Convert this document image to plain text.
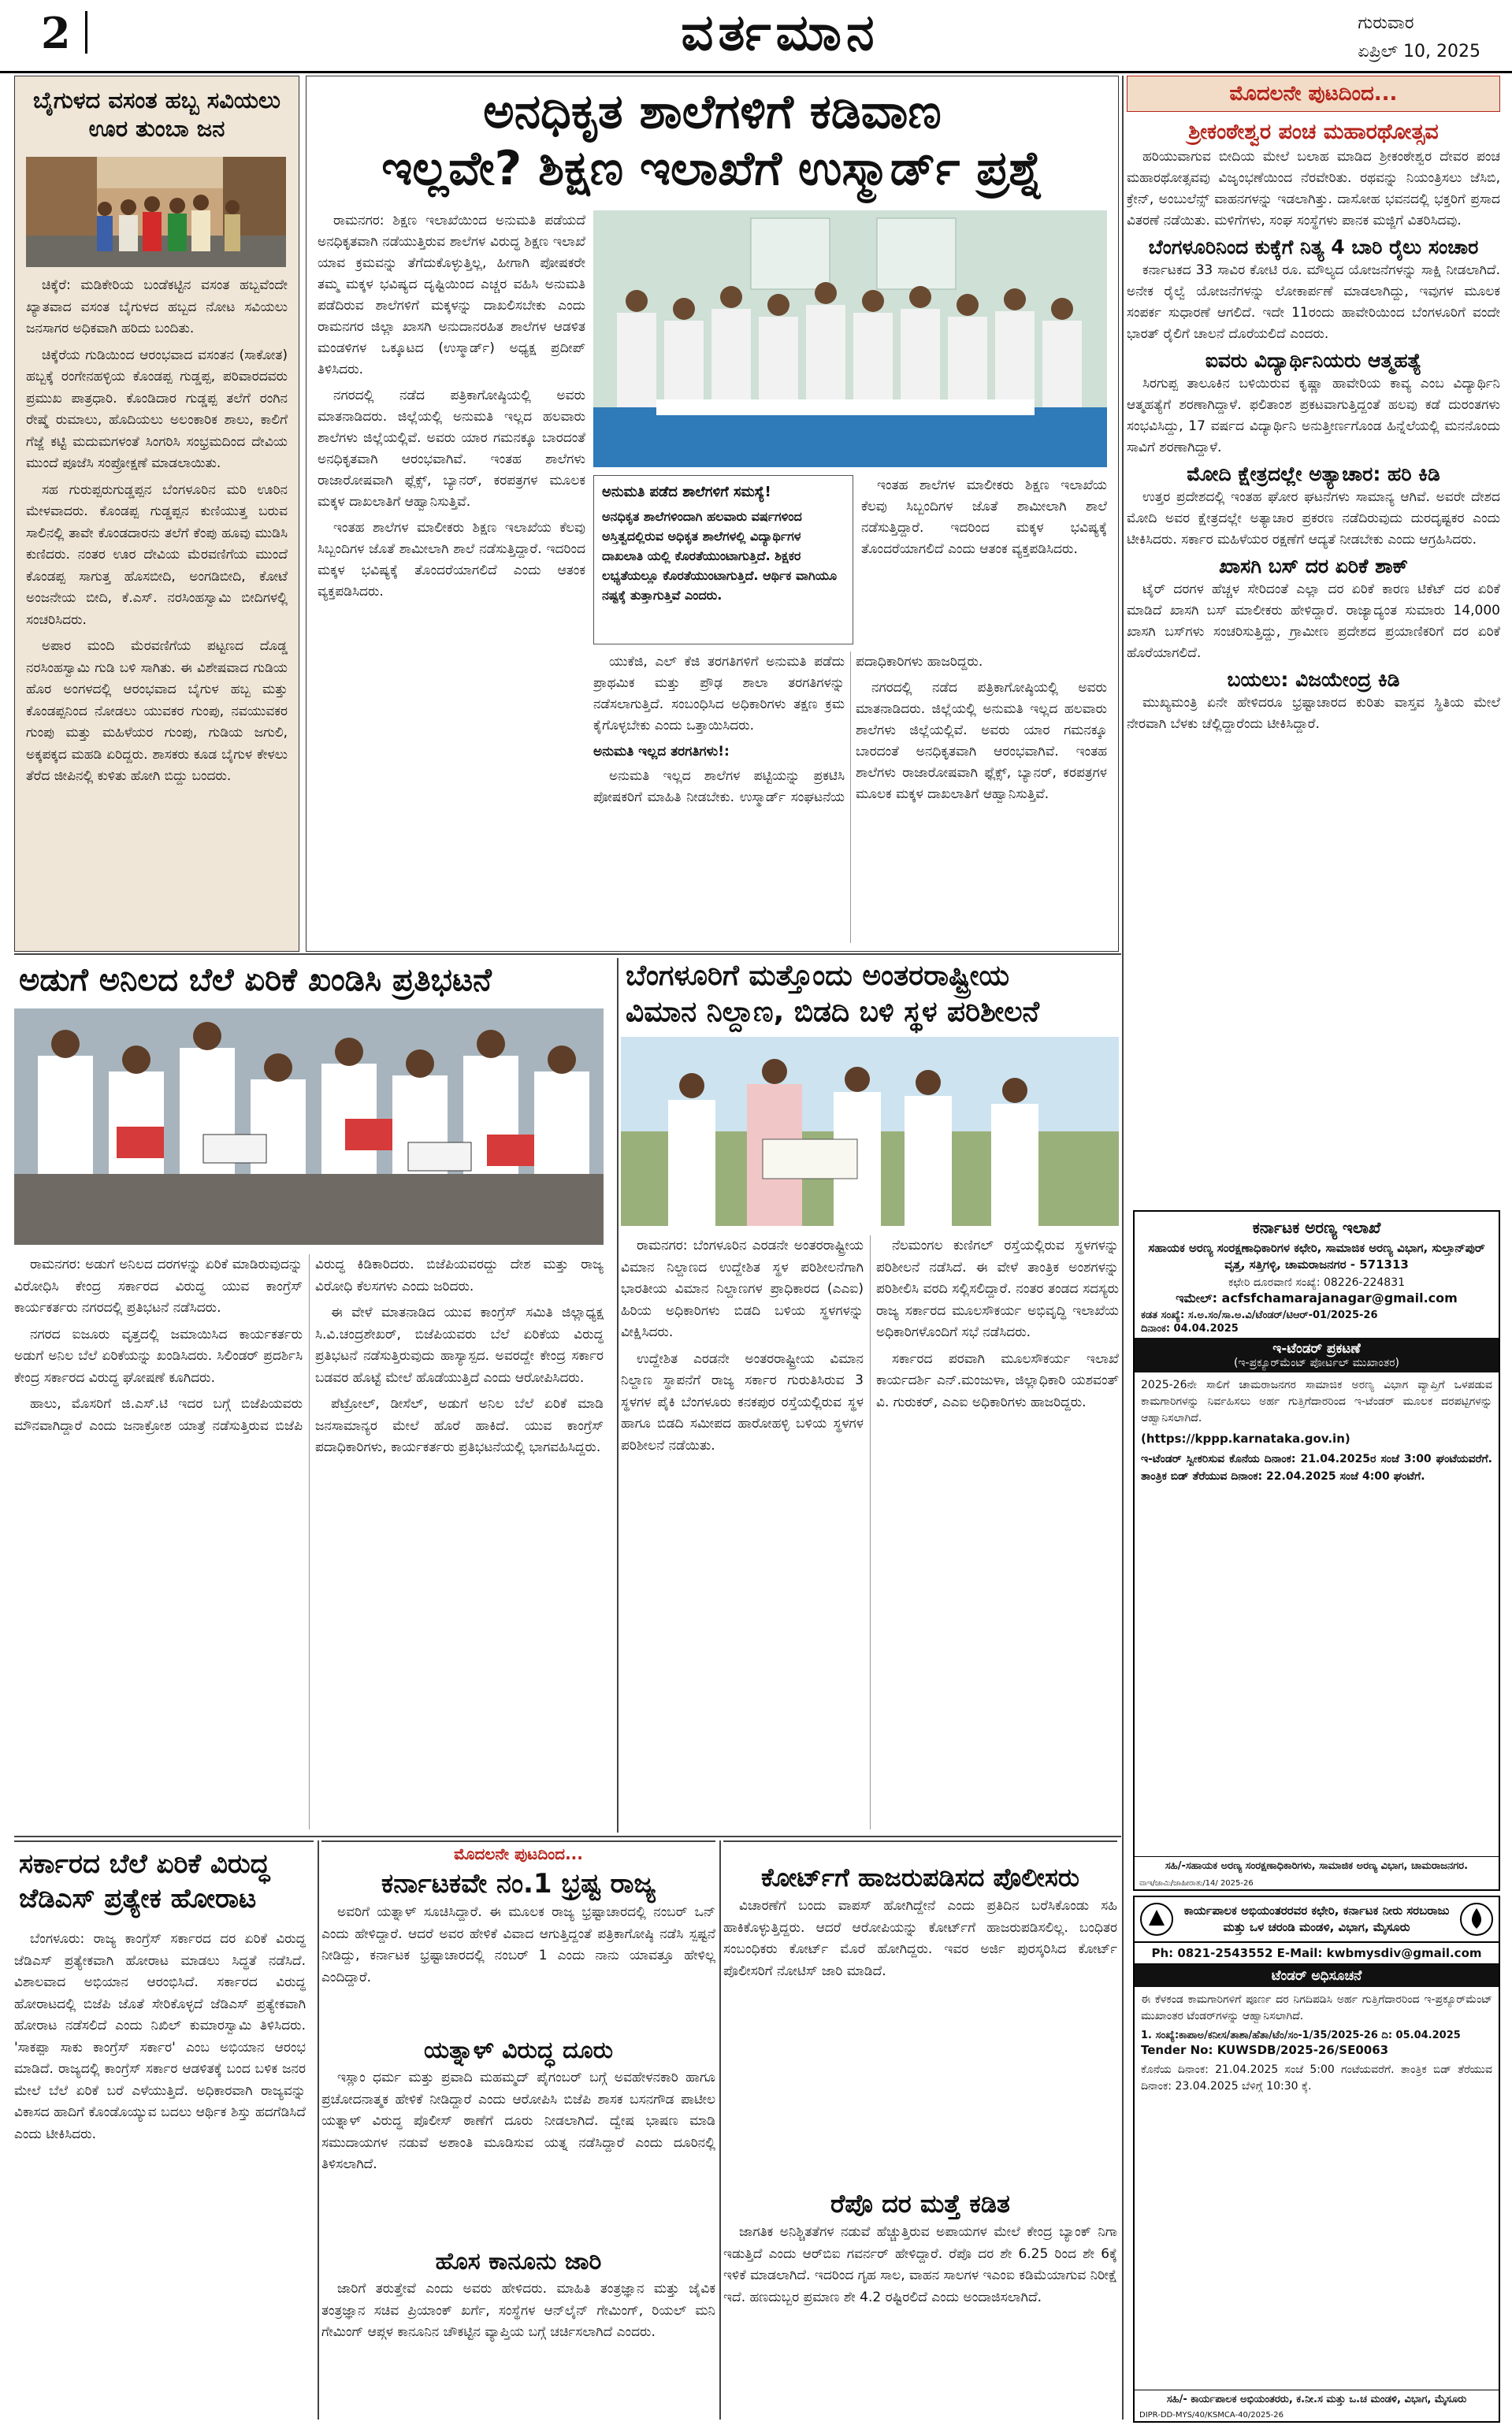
2	ವರ್ತಮಾನ	ಗುರುವಾರ
ಏಪ್ರಿಲ್ 10, 2025
ಬೈಗುಳದ ವಸಂತ ಹಬ್ಬ ಸವಿಯಲು ಊರ ತುಂಬಾ ಜನ

ಚಿಕ್ಕೆರೆ: ಮಡಿಕೇರಿಯ ಬಂಡೆಕಟ್ಟಿನ ವಸಂತ ಹಬ್ಬವೆಂದೇ ಖ್ಯಾತವಾದ ವಸಂತ ಬೈಗುಳದ ಹಬ್ಬದ ನೋಟ ಸವಿಯಲು ಜನಸಾಗರ ಅಧಿಕವಾಗಿ ಹರಿದು ಬಂದಿತು.

ಚಿಕ್ಕೆರೆಯ ಗುಡಿಯಿಂದ ಆರಂಭವಾದ ವಸಂತನ (ಸಾಕೋತ) ಹಬ್ಬಕ್ಕೆ ರಂಗೇನಹಳ್ಳಿಯ ಕೊಂಡಪ್ಪ ಗುಡ್ಡಪ್ಪ, ಪರಿವಾರದವರು ಪ್ರಮುಖ ಪಾತ್ರಧಾರಿ. ಕೊಂಡಿದಾರ ಗುಡ್ಡಪ್ಪ ತಲೆಗೆ ರಂಗಿನ ರೇಷ್ಮೆ ರುಮಾಲು, ಹೊದಿಯಲು ಅಲಂಕಾರಿಕ ಶಾಲು, ಕಾಲಿಗೆ ಗೆಜ್ಜೆ ಕಟ್ಟಿ ಮದುಮಗಳಂತೆ ಸಿಂಗರಿಸಿ ಸಂಭ್ರಮದಿಂದ ದೇವಿಯ ಮುಂದೆ ಪೂಜೆಸಿ ಸಂಪ್ರೋಕ್ಷಣೆ ಮಾಡಲಾಯಿತು.

ಸಹ ಗುರುಪ್ಪರುಗುಡ್ಡಪ್ಪನ ಬೆಂಗಳೂರಿನ ಮರಿ ಊರಿನ ಮೇಳವಾದರು. ಕೊಂಡಪ್ಪ ಗುಡ್ಡಪ್ಪನ ಕುಣಿಯುತ್ತ ಬರುವ ಸಾಲಿನಲ್ಲಿ ತಾವೇ ಕೊಂಡದಾರನು ತಲೆಗೆ ಕೆಂಪು ಹೂವು ಮುಡಿಸಿ ಕುಣಿದರು. ನಂತರ ಊರ ದೇವಿಯ ಮೆರವಣಿಗೆಯ ಮುಂದೆ ಕೊಂಡಪ್ಪ ಸಾಗುತ್ತ ಹೊಸಬೀದಿ, ಅಂಗಡಿಬೀದಿ, ಕೋಟೆ ಅಂಜನೇಯ ಬೀದಿ, ಕೆ.ಎಸ್. ನರಸಿಂಹಸ್ವಾಮಿ ಬೀದಿಗಳಲ್ಲಿ ಸಂಚರಿಸಿದರು.

ಅಪಾರ ಮಂದಿ ಮೆರವಣಿಗೆಯ ಪಟ್ಟಣದ ದೊಡ್ಡ ನರಸಿಂಹಸ್ವಾಮಿ ಗುಡಿ ಬಳಿ ಸಾಗಿತು. ಈ ವಿಶೇಷವಾದ ಗುಡಿಯ ಹೊರ ಅಂಗಳದಲ್ಲಿ ಆರಂಭವಾದ ಬೈಗುಳ ಹಬ್ಬ ಮತ್ತು ಕೊಂಡಪ್ಪನಿಂದ ನೋಡಲು ಯುವಕರ ಗುಂಪು, ನವಯುವಕರ ಗುಂಪು ಮತ್ತು ಮಹಿಳೆಯರ ಗುಂಪು, ಗುಡಿಯ ಜಗುಲಿ, ಅಕ್ಕಪಕ್ಕದ ಮಹಡಿ ಏರಿದ್ದರು. ಶಾಸಕರು ಕೂಡ ಬೈಗುಳ ಕೇಳಲು ತೆರೆದ ಜೀಪಿನಲ್ಲಿ ಕುಳಿತು ಹೋಗಿ ಬಿದ್ದು ಬಂದರು.

ಅನಧಿಕೃತ ಶಾಲೆಗಳಿಗೆ ಕಡಿವಾಣ
ಇಲ್ಲವೇ? ಶಿಕ್ಷಣ ಇಲಾಖೆಗೆ ಉಸ್ಮಾರ್ಡ್ ಪ್ರಶ್ನೆ

ರಾಮನಗರ: ಶಿಕ್ಷಣ ಇಲಾಖೆಯಿಂದ ಅನುಮತಿ ಪಡೆಯದೆ ಅನಧಿಕೃತವಾಗಿ ನಡೆಯುತ್ತಿರುವ ಶಾಲೆಗಳ ವಿರುದ್ಧ ಶಿಕ್ಷಣ ಇಲಾಖೆ ಯಾವ ಕ್ರಮವನ್ನು ತೆಗೆದುಕೊಳ್ಳುತ್ತಿಲ್ಲ, ಹೀಗಾಗಿ ಪೋಷಕರೇ ತಮ್ಮ ಮಕ್ಕಳ ಭವಿಷ್ಯದ ದೃಷ್ಟಿಯಿಂದ ಎಚ್ಚರ ವಹಿಸಿ ಅನುಮತಿ ಪಡೆದಿರುವ ಶಾಲೆಗಳಿಗೆ ಮಕ್ಕಳನ್ನು ದಾಖಲಿಸಬೇಕು ಎಂದು ರಾಮನಗರ ಜಿಲ್ಲಾ ಖಾಸಗಿ ಅನುದಾನರಹಿತ ಶಾಲೆಗಳ ಆಡಳಿತ ಮಂಡಳಿಗಳ ಒಕ್ಕೂಟದ (ಉಸ್ಮಾರ್ಡ್) ಅಧ್ಯಕ್ಷ ಪ್ರದೀಪ್ ತಿಳಿಸಿದರು.

ನಗರದಲ್ಲಿ ನಡೆದ ಪತ್ರಿಕಾಗೋಷ್ಠಿಯಲ್ಲಿ ಅವರು ಮಾತನಾಡಿದರು. ಜಿಲ್ಲೆಯಲ್ಲಿ ಅನುಮತಿ ಇಲ್ಲದ ಹಲವಾರು ಶಾಲೆಗಳು ಜಿಲ್ಲೆಯಲ್ಲಿವೆ. ಅವರು ಯಾರ ಗಮನಕ್ಕೂ ಬಾರದಂತೆ ಅನಧಿಕೃತವಾಗಿ ಆರಂಭವಾಗಿವೆ. ಇಂತಹ ಶಾಲೆಗಳು ರಾಜಾರೋಷವಾಗಿ ಫ್ಲೆಕ್ಸ್, ಬ್ಯಾನರ್, ಕರಪತ್ರಗಳ ಮೂಲಕ ಮಕ್ಕಳ ದಾಖಲಾತಿಗೆ ಆಹ್ವಾನಿಸುತ್ತಿವೆ.

ಇಂತಹ ಶಾಲೆಗಳ ಮಾಲೀಕರು ಶಿಕ್ಷಣ ಇಲಾಖೆಯ ಕೆಲವು ಸಿಬ್ಬಂದಿಗಳ ಜೊತೆ ಶಾಮೀಲಾಗಿ ಶಾಲೆ ನಡೆಸುತ್ತಿದ್ದಾರೆ. ಇದರಿಂದ ಮಕ್ಕಳ ಭವಿಷ್ಯಕ್ಕೆ ತೊಂದರೆಯಾಗಲಿದೆ ಎಂದು ಆತಂಕ ವ್ಯಕ್ತಪಡಿಸಿದರು.

ಅನುಮತಿ ಪಡೆದ ಶಾಲೆಗಳಿಗೆ ಸಮಸ್ಯೆ!
ಅನಧಿಕೃತ ಶಾಲೆಗಳಿಂದಾಗಿ ಹಲವಾರು ವರ್ಷಗಳಿಂದ ಅಸ್ತಿತ್ವದಲ್ಲಿರುವ ಅಧಿಕೃತ ಶಾಲೆಗಳಲ್ಲಿ ವಿದ್ಯಾರ್ಥಿಗಳ ದಾಖಲಾತಿ ಯಲ್ಲಿ ಕೊರತೆಯುಂಟಾಗುತ್ತಿದೆ. ಶಿಕ್ಷಕರ ಲಭ್ಯತೆಯಲ್ಲೂ ಕೊರತೆಯುಂಟಾಗುತ್ತಿದೆ. ಆರ್ಥಿಕ ವಾಗಿಯೂ ನಷ್ಟಕ್ಕೆ ತುತ್ತಾಗುತ್ತಿವೆ ಎಂದರು.

ಇಂತಹ ಶಾಲೆಗಳ ಮಾಲೀಕರು ಶಿಕ್ಷಣ ಇಲಾಖೆಯ ಕೆಲವು ಸಿಬ್ಬಂದಿಗಳ ಜೊತೆ ಶಾಮೀಲಾಗಿ ಶಾಲೆ ನಡೆಸುತ್ತಿದ್ದಾರೆ. ಇದರಿಂದ ಮಕ್ಕಳ ಭವಿಷ್ಯಕ್ಕೆ ತೊಂದರೆಯಾಗಲಿದೆ ಎಂದು ಆತಂಕ ವ್ಯಕ್ತಪಡಿಸಿದರು.

ಯುಕೆಜಿ, ಎಲ್ ಕೆಜಿ ತರಗತಿಗಳಿಗೆ ಅನುಮತಿ ಪಡೆದು ಪ್ರಾಥಮಿಕ ಮತ್ತು ಪ್ರೌಢ ಶಾಲಾ ತರಗತಿಗಳನ್ನು ನಡೆಸಲಾಗುತ್ತಿದೆ. ಸಂಬಂಧಿಸಿದ ಅಧಿಕಾರಿಗಳು ತಕ್ಷಣ ಕ್ರಮ ಕೈಗೊಳ್ಳಬೇಕು ಎಂದು ಒತ್ತಾಯಿಸಿದರು.

ಅನುಮತಿ ಇಲ್ಲದ ತರಗತಿಗಳು!:

ಅನುಮತಿ ಇಲ್ಲದ ಶಾಲೆಗಳ ಪಟ್ಟಿಯನ್ನು ಪ್ರಕಟಿಸಿ ಪೋಷಕರಿಗೆ ಮಾಹಿತಿ ನೀಡಬೇಕು. ಉಸ್ಮಾರ್ಡ್ ಸಂಘಟನೆಯ ಪದಾಧಿಕಾರಿಗಳು ಹಾಜರಿದ್ದರು.

ನಗರದಲ್ಲಿ ನಡೆದ ಪತ್ರಿಕಾಗೋಷ್ಠಿಯಲ್ಲಿ ಅವರು ಮಾತನಾಡಿದರು. ಜಿಲ್ಲೆಯಲ್ಲಿ ಅನುಮತಿ ಇಲ್ಲದ ಹಲವಾರು ಶಾಲೆಗಳು ಜಿಲ್ಲೆಯಲ್ಲಿವೆ. ಅವರು ಯಾರ ಗಮನಕ್ಕೂ ಬಾರದಂತೆ ಅನಧಿಕೃತವಾಗಿ ಆರಂಭವಾಗಿವೆ. ಇಂತಹ ಶಾಲೆಗಳು ರಾಜಾರೋಷವಾಗಿ ಫ್ಲೆಕ್ಸ್, ಬ್ಯಾನರ್, ಕರಪತ್ರಗಳ ಮೂಲಕ ಮಕ್ಕಳ ದಾಖಲಾತಿಗೆ ಆಹ್ವಾನಿಸುತ್ತಿವೆ.

ಮೊದಲನೇ ಪುಟದಿಂದ...
ಶ್ರೀಕಂಠೇಶ್ವರ ಪಂಚ ಮಹಾರಥೋತ್ಸವ

ಹರಿಯುವಾಗುವ ಬೀದಿಯ ಮೇಲೆ ಬಲಾಹ ಮಾಡಿದ ಶ್ರೀಕಂಠೇಶ್ವರ ದೇವರ ಪಂಚ ಮಹಾರಥೋತ್ಸವವು ವಿಜೃಂಭಣೆಯಿಂದ ನೆರವೇರಿತು. ರಥವನ್ನು ನಿಯಂತ್ರಿಸಲು ಜೆಸಿಬಿ, ಕ್ರೇನ್, ಅಂಬುಲೆನ್ಸ್ ವಾಹನಗಳನ್ನು ಇಡಲಾಗಿತ್ತು. ದಾಸೋಹ ಭವನದಲ್ಲಿ ಭಕ್ತರಿಗೆ ಪ್ರಸಾದ ವಿತರಣೆ ನಡೆಯಿತು. ಮಳಿಗೆಗಳು, ಸಂಘ ಸಂಸ್ಥೆಗಳು ಪಾನಕ ಮಜ್ಜಿಗೆ ವಿತರಿಸಿದವು.

ಬೆಂಗಳೂರಿನಿಂದ ಕುಕ್ಕೆಗೆ ನಿತ್ಯ 4 ಬಾರಿ ರೈಲು ಸಂಚಾರ

ಕರ್ನಾಟಕದ 33 ಸಾವಿರ ಕೋಟಿ ರೂ. ಮೌಲ್ಯದ ಯೋಜನೆಗಳನ್ನು ಸಾಕ್ಷಿ ನೀಡಲಾಗಿದೆ. ಅನೇಕ ರೈಲ್ವೆ ಯೋಜನೆಗಳನ್ನು ಲೋಕಾರ್ಪಣೆ ಮಾಡಲಾಗಿದ್ದು, ಇವುಗಳ ಮೂಲಕ ಸಂಪರ್ಕ ಸುಧಾರಣೆ ಆಗಲಿದೆ. ಇದೇ 11ರಂದು ಹಾವೇರಿಯಿಂದ ಬೆಂಗಳೂರಿಗೆ ವಂದೇ ಭಾರತ್ ರೈಲಿಗೆ ಚಾಲನೆ ದೊರೆಯಲಿದೆ ಎಂದರು.

ಐವರು ವಿದ್ಯಾರ್ಥಿನಿಯರು ಆತ್ಮಹತ್ಯೆ

ಸಿರಗುಪ್ಪ ತಾಲೂಕಿನ ಬಳಿಯಿರುವ ಕೃಷ್ಣಾ ಹಾವೇರಿಯ ಕಾವ್ಯ ಎಂಬ ವಿದ್ಯಾರ್ಥಿನಿ ಆತ್ಮಹತ್ಯೆಗೆ ಶರಣಾಗಿದ್ದಾಳೆ. ಫಲಿತಾಂಶ ಪ್ರಕಟವಾಗುತ್ತಿದ್ದಂತೆ ಹಲವು ಕಡೆ ದುರಂತಗಳು ಸಂಭವಿಸಿದ್ದು, 17 ವರ್ಷದ ವಿದ್ಯಾರ್ಥಿನಿ ಅನುತ್ತೀರ್ಣಗೊಂಡ ಹಿನ್ನೆಲೆಯಲ್ಲಿ ಮನನೊಂದು ಸಾವಿಗೆ ಶರಣಾಗಿದ್ದಾಳೆ.

ಮೋದಿ ಕ್ಷೇತ್ರದಲ್ಲೇ ಅತ್ಯಾಚಾರ: ಹರಿ ಕಿಡಿ

ಉತ್ತರ ಪ್ರದೇಶದಲ್ಲಿ ಇಂತಹ ಘೋರ ಘಟನೆಗಳು ಸಾಮಾನ್ಯ ಆಗಿವೆ. ಅವರೇ ದೇಶದ ಮೋದಿ ಅವರ ಕ್ಷೇತ್ರದಲ್ಲೇ ಅತ್ಯಾಚಾರ ಪ್ರಕರಣ ನಡೆದಿರುವುದು ದುರದೃಷ್ಟಕರ ಎಂದು ಟೀಕಿಸಿದರು. ಸರ್ಕಾರ ಮಹಿಳೆಯರ ರಕ್ಷಣೆಗೆ ಆದ್ಯತೆ ನೀಡಬೇಕು ಎಂದು ಆಗ್ರಹಿಸಿದರು.

ಖಾಸಗಿ ಬಸ್ ದರ ಏರಿಕೆ ಶಾಕ್

ಟೈರ್ ದರಗಳ ಹೆಚ್ಚಳ ಸೇರಿದಂತೆ ಎಲ್ಲಾ ದರ ಏರಿಕೆ ಕಾರಣ ಟಿಕೆಟ್ ದರ ಏರಿಕೆ ಮಾಡಿದೆ ಖಾಸಗಿ ಬಸ್ ಮಾಲೀಕರು ಹೇಳಿದ್ದಾರೆ. ರಾಜ್ಯಾದ್ಯಂತ ಸುಮಾರು 14,000 ಖಾಸಗಿ ಬಸ್‌ಗಳು ಸಂಚರಿಸುತ್ತಿದ್ದು, ಗ್ರಾಮೀಣ ಪ್ರದೇಶದ ಪ್ರಯಾಣಿಕರಿಗೆ ದರ ಏರಿಕೆ ಹೊರೆಯಾಗಲಿದೆ.

ಬಯಲು: ವಿಜಯೇಂದ್ರ ಕಿಡಿ

ಮುಖ್ಯಮಂತ್ರಿ ಏನೇ ಹೇಳಿದರೂ ಭ್ರಷ್ಟಾಚಾರದ ಕುರಿತು ವಾಸ್ತವ ಸ್ಥಿತಿಯ ಮೇಲೆ ನೇರವಾಗಿ ಬೆಳಕು ಚೆಲ್ಲಿದ್ದಾರೆಂದು ಟೀಕಿಸಿದ್ದಾರೆ.

ಅಡುಗೆ ಅನಿಲದ ಬೆಲೆ ಏರಿಕೆ ಖಂಡಿಸಿ ಪ್ರತಿಭಟನೆ

ರಾಮನಗರ: ಅಡುಗೆ ಅನಿಲದ ದರಗಳನ್ನು ಏರಿಕೆ ಮಾಡಿರುವುದನ್ನು ವಿರೋಧಿಸಿ ಕೇಂದ್ರ ಸರ್ಕಾರದ ವಿರುದ್ಧ ಯುವ ಕಾಂಗ್ರೆಸ್ ಕಾರ್ಯಕರ್ತರು ನಗರದಲ್ಲಿ ಪ್ರತಿಭಟನೆ ನಡೆಸಿದರು.

ನಗರದ ಐಜೂರು ವೃತ್ತದಲ್ಲಿ ಜಮಾಯಿಸಿದ ಕಾರ್ಯಕರ್ತರು ಅಡುಗೆ ಅನಿಲ ಬೆಲೆ ಏರಿಕೆಯನ್ನು ಖಂಡಿಸಿದರು. ಸಿಲಿಂಡರ್ ಪ್ರದರ್ಶಿಸಿ ಕೇಂದ್ರ ಸರ್ಕಾರದ ವಿರುದ್ಧ ಘೋಷಣೆ ಕೂಗಿದರು.

ಹಾಲು, ಮೊಸರಿಗೆ ಜಿ.ಎಸ್.ಟಿ ಇದರ ಬಗ್ಗೆ ಬಿಜೆಪಿಯವರು ಮೌನವಾಗಿದ್ದಾರೆ ಎಂದು ಜನಾಕ್ರೋಶ ಯಾತ್ರೆ ನಡೆಸುತ್ತಿರುವ ಬಿಜೆಪಿ ವಿರುದ್ಧ ಕಿಡಿಕಾರಿದರು. ಬಿಜೆಪಿಯವರದ್ದು ದೇಶ ಮತ್ತು ರಾಜ್ಯ ವಿರೋಧಿ ಕೆಲಸಗಳು ಎಂದು ಜರಿದರು.

ಈ ವೇಳೆ ಮಾತನಾಡಿದ ಯುವ ಕಾಂಗ್ರೆಸ್ ಸಮಿತಿ ಜಿಲ್ಲಾಧ್ಯಕ್ಷ ಸಿ.ವಿ.ಚಂದ್ರಶೇಖರ್, ಬಿಜೆಪಿಯವರು ಬೆಲೆ ಏರಿಕೆಯ ವಿರುದ್ಧ ಪ್ರತಿಭಟನೆ ನಡೆಸುತ್ತಿರುವುದು ಹಾಸ್ಯಾಸ್ಪದ. ಅವರದ್ದೇ ಕೇಂದ್ರ ಸರ್ಕಾರ ಬಡವರ ಹೊಟ್ಟೆ ಮೇಲೆ ಹೊಡೆಯುತ್ತಿದೆ ಎಂದು ಆರೋಪಿಸಿದರು.

ಪೆಟ್ರೋಲ್, ಡೀಸೆಲ್, ಅಡುಗೆ ಅನಿಲ ಬೆಲೆ ಏರಿಕೆ ಮಾಡಿ ಜನಸಾಮಾನ್ಯರ ಮೇಲೆ ಹೊರೆ ಹಾಕಿದೆ. ಯುವ ಕಾಂಗ್ರೆಸ್ ಪದಾಧಿಕಾರಿಗಳು, ಕಾರ್ಯಕರ್ತರು ಪ್ರತಿಭಟನೆಯಲ್ಲಿ ಭಾಗವಹಿಸಿದ್ದರು.

ಬೆಂಗಳೂರಿಗೆ ಮತ್ತೊಂದು ಅಂತರರಾಷ್ಟ್ರೀಯ
ವಿಮಾನ ನಿಲ್ದಾಣ, ಬಿಡದಿ ಬಳಿ ಸ್ಥಳ ಪರಿಶೀಲನೆ

ರಾಮನಗರ: ಬೆಂಗಳೂರಿನ ಎರಡನೇ ಅಂತರರಾಷ್ಟ್ರೀಯ ವಿಮಾನ ನಿಲ್ದಾಣದ ಉದ್ದೇಶಿತ ಸ್ಥಳ ಪರಿಶೀಲನೆಗಾಗಿ ಭಾರತೀಯ ವಿಮಾನ ನಿಲ್ದಾಣಗಳ ಪ್ರಾಧಿಕಾರದ (ಎಎಐ) ಹಿರಿಯ ಅಧಿಕಾರಿಗಳು ಬಿಡದಿ ಬಳಿಯ ಸ್ಥಳಗಳನ್ನು ವೀಕ್ಷಿಸಿದರು.

ಉದ್ದೇಶಿತ ಎರಡನೇ ಅಂತರರಾಷ್ಟ್ರೀಯ ವಿಮಾನ ನಿಲ್ದಾಣ ಸ್ಥಾಪನೆಗೆ ರಾಜ್ಯ ಸರ್ಕಾರ ಗುರುತಿಸಿರುವ 3 ಸ್ಥಳಗಳ ಪೈಕಿ ಬೆಂಗಳೂರು ಕನಕಪುರ ರಸ್ತೆಯಲ್ಲಿರುವ ಸ್ಥಳ ಹಾಗೂ ಬಿಡದಿ ಸಮೀಪದ ಹಾರೋಹಳ್ಳಿ ಬಳಿಯ ಸ್ಥಳಗಳ ಪರಿಶೀಲನೆ ನಡೆಯಿತು.

ನೆಲಮಂಗಲ ಕುಣಿಗಲ್ ರಸ್ತೆಯಲ್ಲಿರುವ ಸ್ಥಳಗಳನ್ನು ಪರಿಶೀಲನೆ ನಡೆಸಿದೆ. ಈ ವೇಳೆ ತಾಂತ್ರಿಕ ಅಂಶಗಳನ್ನು ಪರಿಶೀಲಿಸಿ ವರದಿ ಸಲ್ಲಿಸಲಿದ್ದಾರೆ. ನಂತರ ತಂಡದ ಸದಸ್ಯರು ರಾಜ್ಯ ಸರ್ಕಾರದ ಮೂಲಸೌಕರ್ಯ ಅಭಿವೃದ್ಧಿ ಇಲಾಖೆಯ ಅಧಿಕಾರಿಗಳೊಂದಿಗೆ ಸಭೆ ನಡೆಸಿದರು.

ಸರ್ಕಾರದ ಪರವಾಗಿ ಮೂಲಸೌಕರ್ಯ ಇಲಾಖೆ ಕಾರ್ಯದರ್ಶಿ ಎನ್.ಮಂಜುಳಾ, ಜಿಲ್ಲಾಧಿಕಾರಿ ಯಶವಂತ್ ವಿ. ಗುರುಕರ್, ಎಎಐ ಅಧಿಕಾರಿಗಳು ಹಾಜರಿದ್ದರು.

ಸರ್ಕಾರದ ಬೆಲೆ ಏರಿಕೆ ವಿರುದ್ಧ ಜೆಡಿಎಸ್ ಪ್ರತ್ಯೇಕ ಹೋರಾಟ
ಬೆಂಗಳೂರು: ರಾಜ್ಯ ಕಾಂಗ್ರೆಸ್ ಸರ್ಕಾರದ ದರ ಏರಿಕೆ ವಿರುದ್ಧ ಜೆಡಿಎಸ್ ಪ್ರತ್ಯೇಕವಾಗಿ ಹೋರಾಟ ಮಾಡಲು ಸಿದ್ಧತೆ ನಡೆಸಿದೆ. ವಿಶಾಲವಾದ ಅಭಿಯಾನ ಆರಂಭಿಸಿದೆ. ಸರ್ಕಾರದ ವಿರುದ್ಧ ಹೋರಾಟದಲ್ಲಿ ಬಿಜೆಪಿ ಜೊತೆ ಸೇರಿಕೊಳ್ಳದೆ ಜೆಡಿಎಸ್ ಪ್ರತ್ಯೇಕವಾಗಿ ಹೋರಾಟ ನಡೆಸಲಿದೆ ಎಂದು ನಿಖಿಲ್ ಕುಮಾರಸ್ವಾಮಿ ತಿಳಿಸಿದರು. 'ಸಾಕಪ್ಪಾ ಸಾಕು ಕಾಂಗ್ರೆಸ್ ಸರ್ಕಾರ' ಎಂಬ ಅಭಿಯಾನ ಆರಂಭ ಮಾಡಿದೆ. ರಾಜ್ಯದಲ್ಲಿ ಕಾಂಗ್ರೆಸ್ ಸರ್ಕಾರ ಆಡಳಿತಕ್ಕೆ ಬಂದ ಬಳಿಕ ಜನರ ಮೇಲೆ ಬೆಲೆ ಏರಿಕೆ ಬರೆ ಎಳೆಯುತ್ತಿದೆ. ಅಧಿಕಾರವಾಗಿ ರಾಜ್ಯವನ್ನು ವಿಕಾಸದ ಹಾದಿಗೆ ಕೊಂಡೊಯ್ಯುವ ಬದಲು ಆರ್ಥಿಕ ಶಿಸ್ತು ಹದಗೆಡಿಸಿದೆ ಎಂದು ಟೀಕಿಸಿದರು.
ಮೊದಲನೇ ಪುಟದಿಂದ...
ಕರ್ನಾಟಕವೇ ನಂ.1 ಭ್ರಷ್ಟ ರಾಜ್ಯ
ಅವರಿಗೆ ಯತ್ನಾಳ್ ಸೂಚಿಸಿದ್ದಾರೆ. ಈ ಮೂಲಕ ರಾಜ್ಯ ಭ್ರಷ್ಟಾಚಾರದಲ್ಲಿ ನಂಬರ್ ಒನ್ ಎಂದು ಹೇಳಿದ್ದಾರೆ. ಆದರೆ ಅವರ ಹೇಳಿಕೆ ವಿವಾದ ಆಗುತ್ತಿದ್ದಂತೆ ಪತ್ರಿಕಾಗೋಷ್ಠಿ ನಡೆಸಿ ಸ್ಪಷ್ಟನೆ ನೀಡಿದ್ದು, ಕರ್ನಾಟಕ ಭ್ರಷ್ಟಾಚಾರದಲ್ಲಿ ನಂಬರ್ 1 ಎಂದು ನಾನು ಯಾವತ್ತೂ ಹೇಳಿಲ್ಲ ಎಂದಿದ್ದಾರೆ.
ಯತ್ನಾಳ್ ವಿರುದ್ಧ ದೂರು
ಇಸ್ಲಾಂ ಧರ್ಮ ಮತ್ತು ಪ್ರವಾದಿ ಮಹಮ್ಮದ್ ಪೈಗಂಬರ್ ಬಗ್ಗೆ ಅವಹೇಳನಕಾರಿ ಹಾಗೂ ಪ್ರಚೋದನಾತ್ಮಕ ಹೇಳಿಕೆ ನೀಡಿದ್ದಾರೆ ಎಂದು ಆರೋಪಿಸಿ ಬಿಜೆಪಿ ಶಾಸಕ ಬಸನಗೌಡ ಪಾಟೀಲ ಯತ್ನಾಳ್ ವಿರುದ್ಧ ಪೊಲೀಸ್ ಠಾಣೆಗೆ ದೂರು ನೀಡಲಾಗಿದೆ. ದ್ವೇಷ ಭಾಷಣ ಮಾಡಿ ಸಮುದಾಯಗಳ ನಡುವೆ ಅಶಾಂತಿ ಮೂಡಿಸುವ ಯತ್ನ ನಡೆಸಿದ್ದಾರೆ ಎಂದು ದೂರಿನಲ್ಲಿ ತಿಳಿಸಲಾಗಿದೆ.
ಹೊಸ ಕಾನೂನು ಜಾರಿ
ಜಾರಿಗೆ ತರುತ್ತೇವೆ ಎಂದು ಅವರು ಹೇಳಿದರು. ಮಾಹಿತಿ ತಂತ್ರಜ್ಞಾನ ಮತ್ತು ಜೈವಿಕ ತಂತ್ರಜ್ಞಾನ ಸಚಿವ ಪ್ರಿಯಾಂಕ್ ಖರ್ಗೆ, ಸಂಸ್ಥೆಗಳ ಆನ್‌ಲೈನ್ ಗೇಮಿಂಗ್, ರಿಯಲ್ ಮನಿ ಗೇಮಿಂಗ್ ಆಪ್ಗಳ ಕಾನೂನಿನ ಚೌಕಟ್ಟಿನ ವ್ಯಾಪ್ತಿಯ ಬಗ್ಗೆ ಚರ್ಚಿಸಲಾಗಿದೆ ಎಂದರು.
ಕೋರ್ಟ್‌ಗೆ ಹಾಜರುಪಡಿಸದ ಪೊಲೀಸರು
ವಿಚಾರಣೆಗೆ ಬಂದು ವಾಪಸ್ ಹೋಗಿದ್ದೇನೆ ಎಂದು ಪ್ರತಿದಿನ ಬರೆಸಿಕೊಂಡು ಸಹಿ ಹಾಕಿಕೊಳ್ಳುತ್ತಿದ್ದರು. ಆದರೆ ಆರೋಪಿಯನ್ನು ಕೋರ್ಟ್‌ಗೆ ಹಾಜರುಪಡಿಸಲಿಲ್ಲ. ಬಂಧಿತರ ಸಂಬಂಧಿಕರು ಕೋರ್ಟ್ ಮೊರೆ ಹೋಗಿದ್ದರು. ಇವರ ಅರ್ಜಿ ಪುರಸ್ಕರಿಸಿದ ಕೋರ್ಟ್ ಪೊಲೀಸರಿಗೆ ನೋಟಿಸ್ ಜಾರಿ ಮಾಡಿದೆ.
ರೆಪೊ ದರ ಮತ್ತೆ ಕಡಿತ
ಜಾಗತಿಕ ಅನಿಶ್ಚಿತತೆಗಳ ನಡುವೆ ಹೆಚ್ಚುತ್ತಿರುವ ಅಪಾಯಗಳ ಮೇಲೆ ಕೇಂದ್ರ ಬ್ಯಾಂಕ್ ನಿಗಾ ಇಡುತ್ತಿದೆ ಎಂದು ಆರ್‌ಬಿಐ ಗವರ್ನರ್ ಹೇಳಿದ್ದಾರೆ. ರೆಪೊ ದರ ಶೇ 6.25 ರಿಂದ ಶೇ 6ಕ್ಕೆ ಇಳಿಕೆ ಮಾಡಲಾಗಿದೆ. ಇದರಿಂದ ಗೃಹ ಸಾಲ, ವಾಹನ ಸಾಲಗಳ ಇಎಂಐ ಕಡಿಮೆಯಾಗುವ ನಿರೀಕ್ಷೆ ಇದೆ. ಹಣದುಬ್ಬರ ಪ್ರಮಾಣ ಶೇ 4.2 ರಷ್ಟಿರಲಿದೆ ಎಂದು ಅಂದಾಜಿಸಲಾಗಿದೆ.
ಕರ್ನಾಟಕ ಅರಣ್ಯ ಇಲಾಖೆ
ಸಹಾಯಕ ಅರಣ್ಯ ಸಂರಕ್ಷಣಾಧಿಕಾರಿಗಳ ಕಛೇರಿ, ಸಾಮಾಜಿಕ ಅರಣ್ಯ ವಿಭಾಗ, ಸುಲ್ತಾನ್‌ಪುರ್ ವೃತ್ತ, ಸತ್ತಿಗಳ್ಳಿ, ಚಾಮರಾಜನಗರ - 571313
ಕಛೇರಿ ದೂರವಾಣಿ ಸಂಖ್ಯೆ: 08226-224831
ಇಮೇಲ್: acfsfchamarajanagar@gmail.com
ಕಡತ ಸಂಖ್ಯೆ: ಸ.ಅ.ಸಂ/ಸಾ.ಅ.ವಿ/ಟೆಂಡರ್/ಟಿಆರ್-01/2025-26
ದಿನಾಂಕ: 04.04.2025
ಇ-ಟೆಂಡರ್ ಪ್ರಕಟಣೆ
(ಇ-ಪ್ರಕ್ಯೂರ್‌ಮೆಂಟ್ ಪೋರ್ಟಲ್ ಮುಖಾಂತರ)
2025-26ನೇ ಸಾಲಿಗೆ ಚಾಮರಾಜನಗರ ಸಾಮಾಜಿಕ ಅರಣ್ಯ ವಿಭಾಗ ವ್ಯಾಪ್ತಿಗೆ ಒಳಪಡುವ ಕಾಮಗಾರಿಗಳನ್ನು ನಿರ್ವಹಿಸಲು ಅರ್ಹ ಗುತ್ತಿಗೆದಾರರಿಂದ ಇ-ಟೆಂಡರ್ ಮೂಲಕ ದರಪಟ್ಟಿಗಳನ್ನು ಆಹ್ವಾನಿಸಲಾಗಿದೆ.
(https://kppp.karnataka.gov.in)
ಇ-ಟೆಂಡರ್ ಸ್ವೀಕರಿಸುವ ಕೊನೆಯ ದಿನಾಂಕ: 21.04.2025ರ ಸಂಜೆ 3:00 ಘಂಟೆಯವರೆಗೆ. ತಾಂತ್ರಿಕ ಬಿಡ್ ತೆರೆಯುವ ದಿನಾಂಕ: 22.04.2025 ಸಂಜೆ 4:00 ಘಂಟೆಗೆ.
ಸಹಿ/-ಸಹಾಯಕ ಅರಣ್ಯ ಸಂರಕ್ಷಣಾಧಿಕಾರಿಗಳು, ಸಾಮಾಜಿಕ ಅರಣ್ಯ ವಿಭಾಗ, ಚಾಮರಾಜನಗರ.
ವಾಇ/ಜಾಮಿ/ಜಾಹೀರಾತು/14/ 2025-26
ಕಾರ್ಯಪಾಲಕ ಅಭಿಯಂತರರವರ ಕಛೇರಿ, ಕರ್ನಾಟಕ ನೀರು ಸರಬರಾಜು ಮತ್ತು ಒಳ ಚರಂಡಿ ಮಂಡಳಿ, ವಿಭಾಗ, ಮೈಸೂರು
Ph: 0821-2543552 E-Mail: kwbmysdiv@gmail.com
ಟೆಂಡರ್ ಅಧಿಸೂಚನೆ
ಈ ಕೆಳಕಂಡ ಕಾಮಗಾರಿಗಳಿಗೆ ಪೂರ್ಣ ದರ ನಿಗದಿಪಡಿಸಿ ಅರ್ಹ ಗುತ್ತಿಗೆದಾರರಿಂದ ಇ-ಪ್ರಕ್ಯೂರ್‌ಮೆಂಟ್ ಮುಖಾಂತರ ಟೆಂಡರ್‌ಗಳನ್ನು ಆಹ್ವಾನಿಸಲಾಗಿದೆ.
1. ಸಂಖ್ಯೆ:ಕಾಪಾಅ/ಕನೀಸ/ತಾಶಾ/ಹೆತಾ/ಟೆಂ/ಸಂ-1/35/2025-26 ದಿ: 05.04.2025
Tender No: KUWSDB/2025-26/SE0063
ಕೊನೆಯ ದಿನಾಂಕ: 21.04.2025 ಸಂಜೆ 5:00 ಗಂಟೆಯವರೆಗೆ. ತಾಂತ್ರಿಕ ಬಿಡ್ ತೆರೆಯುವ ದಿನಾಂಕ: 23.04.2025 ಬೆಳಿಗ್ಗೆ 10:30 ಕ್ಕೆ.
ಸಹಿ/- ಕಾರ್ಯಪಾಲಕ ಅಭಿಯಂತರರು, ಕ.ನೀ.ಸ ಮತ್ತು ಒ.ಚ ಮಂಡಳಿ, ವಿಭಾಗ, ಮೈಸೂರು
DIPR-DD-MYS/40/KSMCA-40/2025-26
